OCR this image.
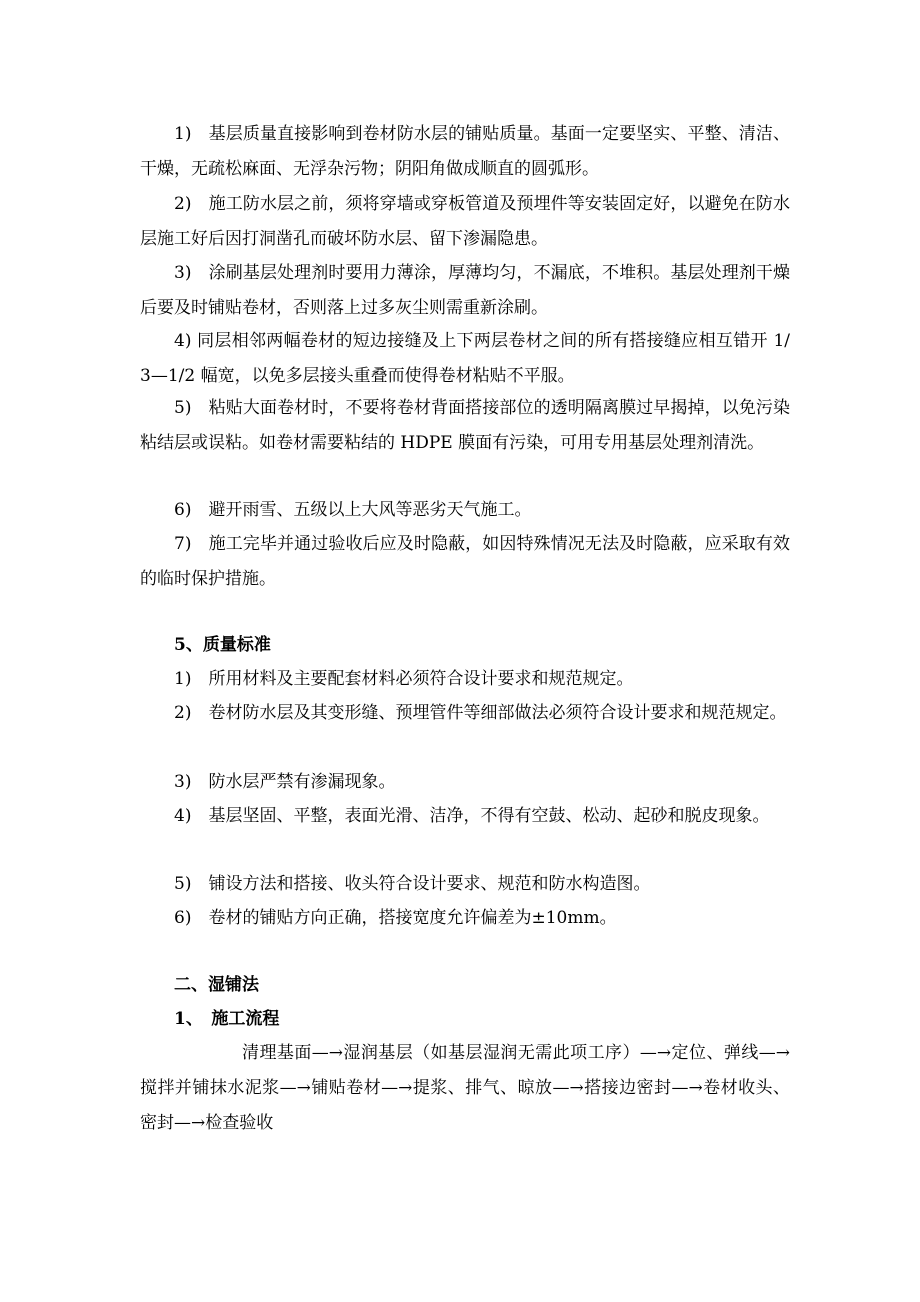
1)　基层质量直接影响到卷材防水层的铺贴质量。基面一定要坚实、平整、清洁、干燥，无疏松麻面、无浮杂污物；阴阳角做成顺直的圆弧形。

2)　施工防水层之前，须将穿墙或穿板管道及预埋件等安装固定好，以避免在防水层施工好后因打洞凿孔而破坏防水层、留下渗漏隐患。

3)　涂刷基层处理剂时要用力薄涂，厚薄均匀，不漏底，不堆积。基层处理剂干燥后要及时铺贴卷材，否则落上过多灰尘则需重新涂刷。

4) 同层相邻两幅卷材的短边接缝及上下两层卷材之间的所有搭接缝应相互错开 1/3—1/2 幅宽，以免多层接头重叠而使得卷材粘贴不平服。

5)　粘贴大面卷材时，不要将卷材背面搭接部位的透明隔离膜过早揭掉，以免污染粘结层或误粘。如卷材需要粘结的 HDPE 膜面有污染，可用专用基层处理剂清洗。

6)　避开雨雪、五级以上大风等恶劣天气施工。

7)　施工完毕并通过验收后应及时隐蔽，如因特殊情况无法及时隐蔽，应采取有效的临时保护措施。

5、质量标准

1)　所用材料及主要配套材料必须符合设计要求和规范规定。

2)　卷材防水层及其变形缝、预埋管件等细部做法必须符合设计要求和规范规定。

3)　防水层严禁有渗漏现象。

4)　基层坚固、平整，表面光滑、洁净，不得有空鼓、松动、起砂和脱皮现象。

5)　铺设方法和搭接、收头符合设计要求、规范和防水构造图。

6)　卷材的铺贴方向正确，搭接宽度允许偏差为±10mm。

二、湿铺法

1、　施工流程

清理基面—→湿润基层（如基层湿润无需此项工序）—→定位、弹线—→搅拌并铺抹水泥浆—→铺贴卷材—→提浆、排气、晾放—→搭接边密封—→卷材收头、密封—→检查验收
